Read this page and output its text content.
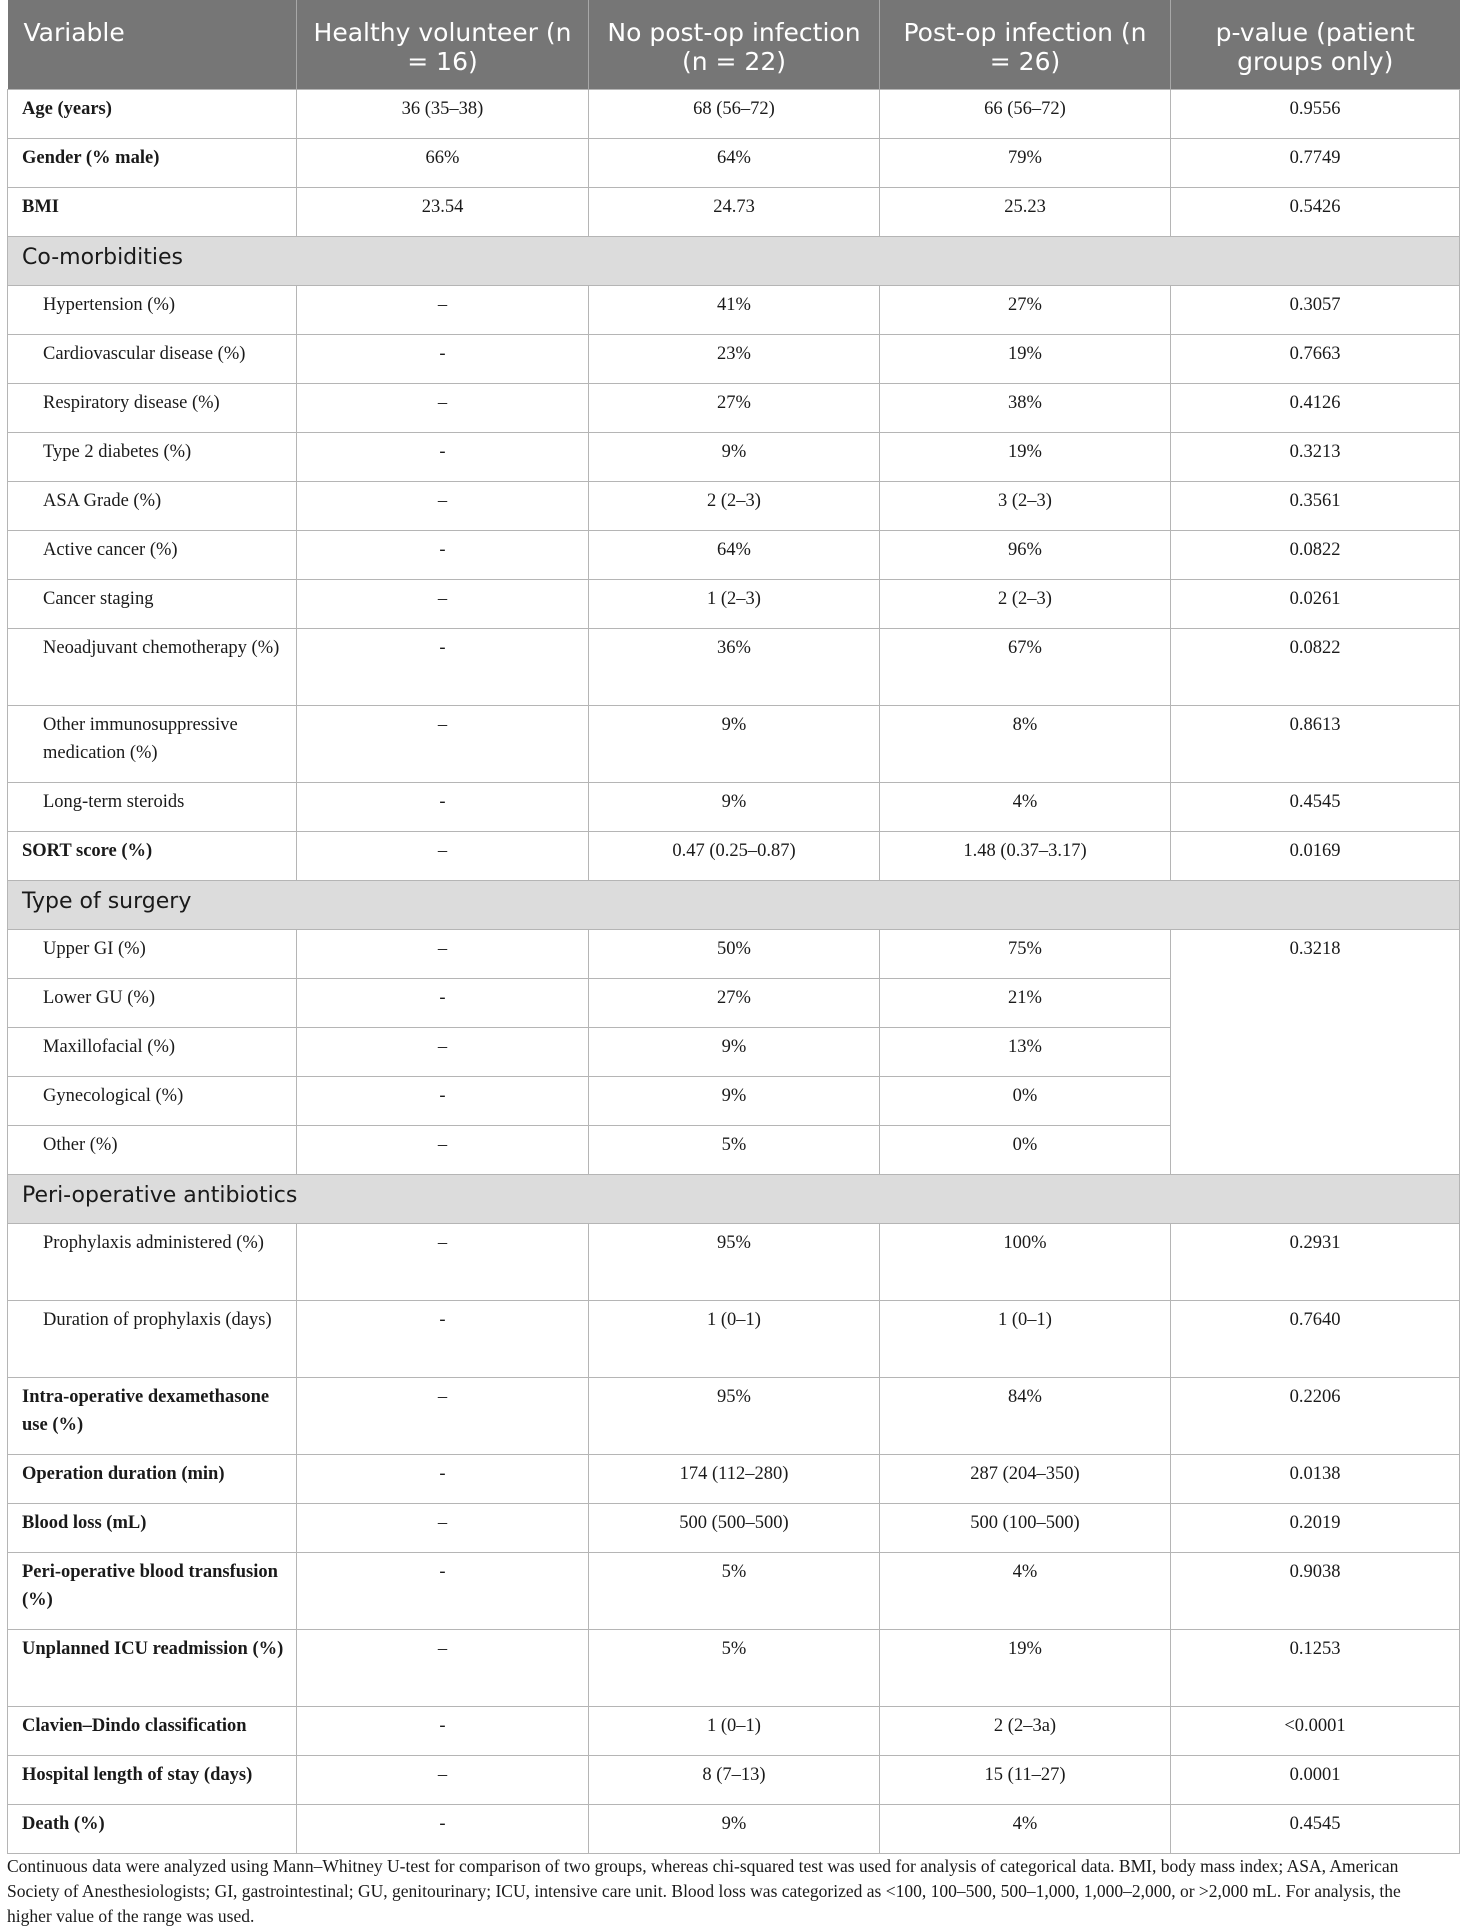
Variable	Healthy volunteer (n = 16)	No post-op infection (n = 22)	Post-op infection (n = 26)	p-value (patient groups only)
Age (years)	36 (35–38)	68 (56–72)	66 (56–72)	0.9556
Gender (% male)	66%	64%	79%	0.7749
BMI	23.54	24.73	25.23	0.5426
Co-morbidities				
Hypertension (%)	–	41%	27%	0.3057
Cardiovascular disease (%)	-	23%	19%	0.7663
Respiratory disease (%)	–	27%	38%	0.4126
Type 2 diabetes (%)	-	9%	19%	0.3213
ASA Grade (%)	–	2 (2–3)	3 (2–3)	0.3561
Active cancer (%)	-	64%	96%	0.0822
Cancer staging	–	1 (2–3)	2 (2–3)	0.0261
Neoadjuvant chemotherapy (%)	-	36%	67%	0.0822
Other immunosuppressive medication (%)	–	9%	8%	0.8613
Long-term steroids	-	9%	4%	0.4545
SORT score (%)	–	0.47 (0.25–0.87)	1.48 (0.37–3.17)	0.0169
Type of surgery				
Upper GI (%)	–	50%	75%	0.3218
Lower GU (%)	-	27%	21%	
Maxillofacial (%)	–	9%	13%	
Gynecological (%)	-	9%	0%	
Other (%)	–	5%	0%	
Peri-operative antibiotics				
Prophylaxis administered (%)	–	95%	100%	0.2931
Duration of prophylaxis (days)	-	1 (0–1)	1 (0–1)	0.7640
Intra-operative dexamethasone use (%)	–	95%	84%	0.2206
Operation duration (min)	-	174 (112–280)	287 (204–350)	0.0138
Blood loss (mL)	–	500 (500–500)	500 (100–500)	0.2019
Peri-operative blood transfusion (%)	-	5%	4%	0.9038
Unplanned ICU readmission (%)	–	5%	19%	0.1253
Clavien–Dindo classification	-	1 (0–1)	2 (2–3a)	<0.0001
Hospital length of stay (days)	–	8 (7–13)	15 (11–27)	0.0001
Death (%)	-	9%	4%	0.4545

Continuous data were analyzed using Mann–Whitney U-test for comparison of two groups, whereas chi-squared test was used for analysis of categorical data. BMI, body mass index; ASA, American Society of Anesthesiologists; GI, gastrointestinal; GU, genitourinary; ICU, intensive care unit. Blood loss was categorized as <100, 100–500, 500–1,000, 1,000–2,000, or >2,000 mL. For analysis, the higher value of the range was used.
